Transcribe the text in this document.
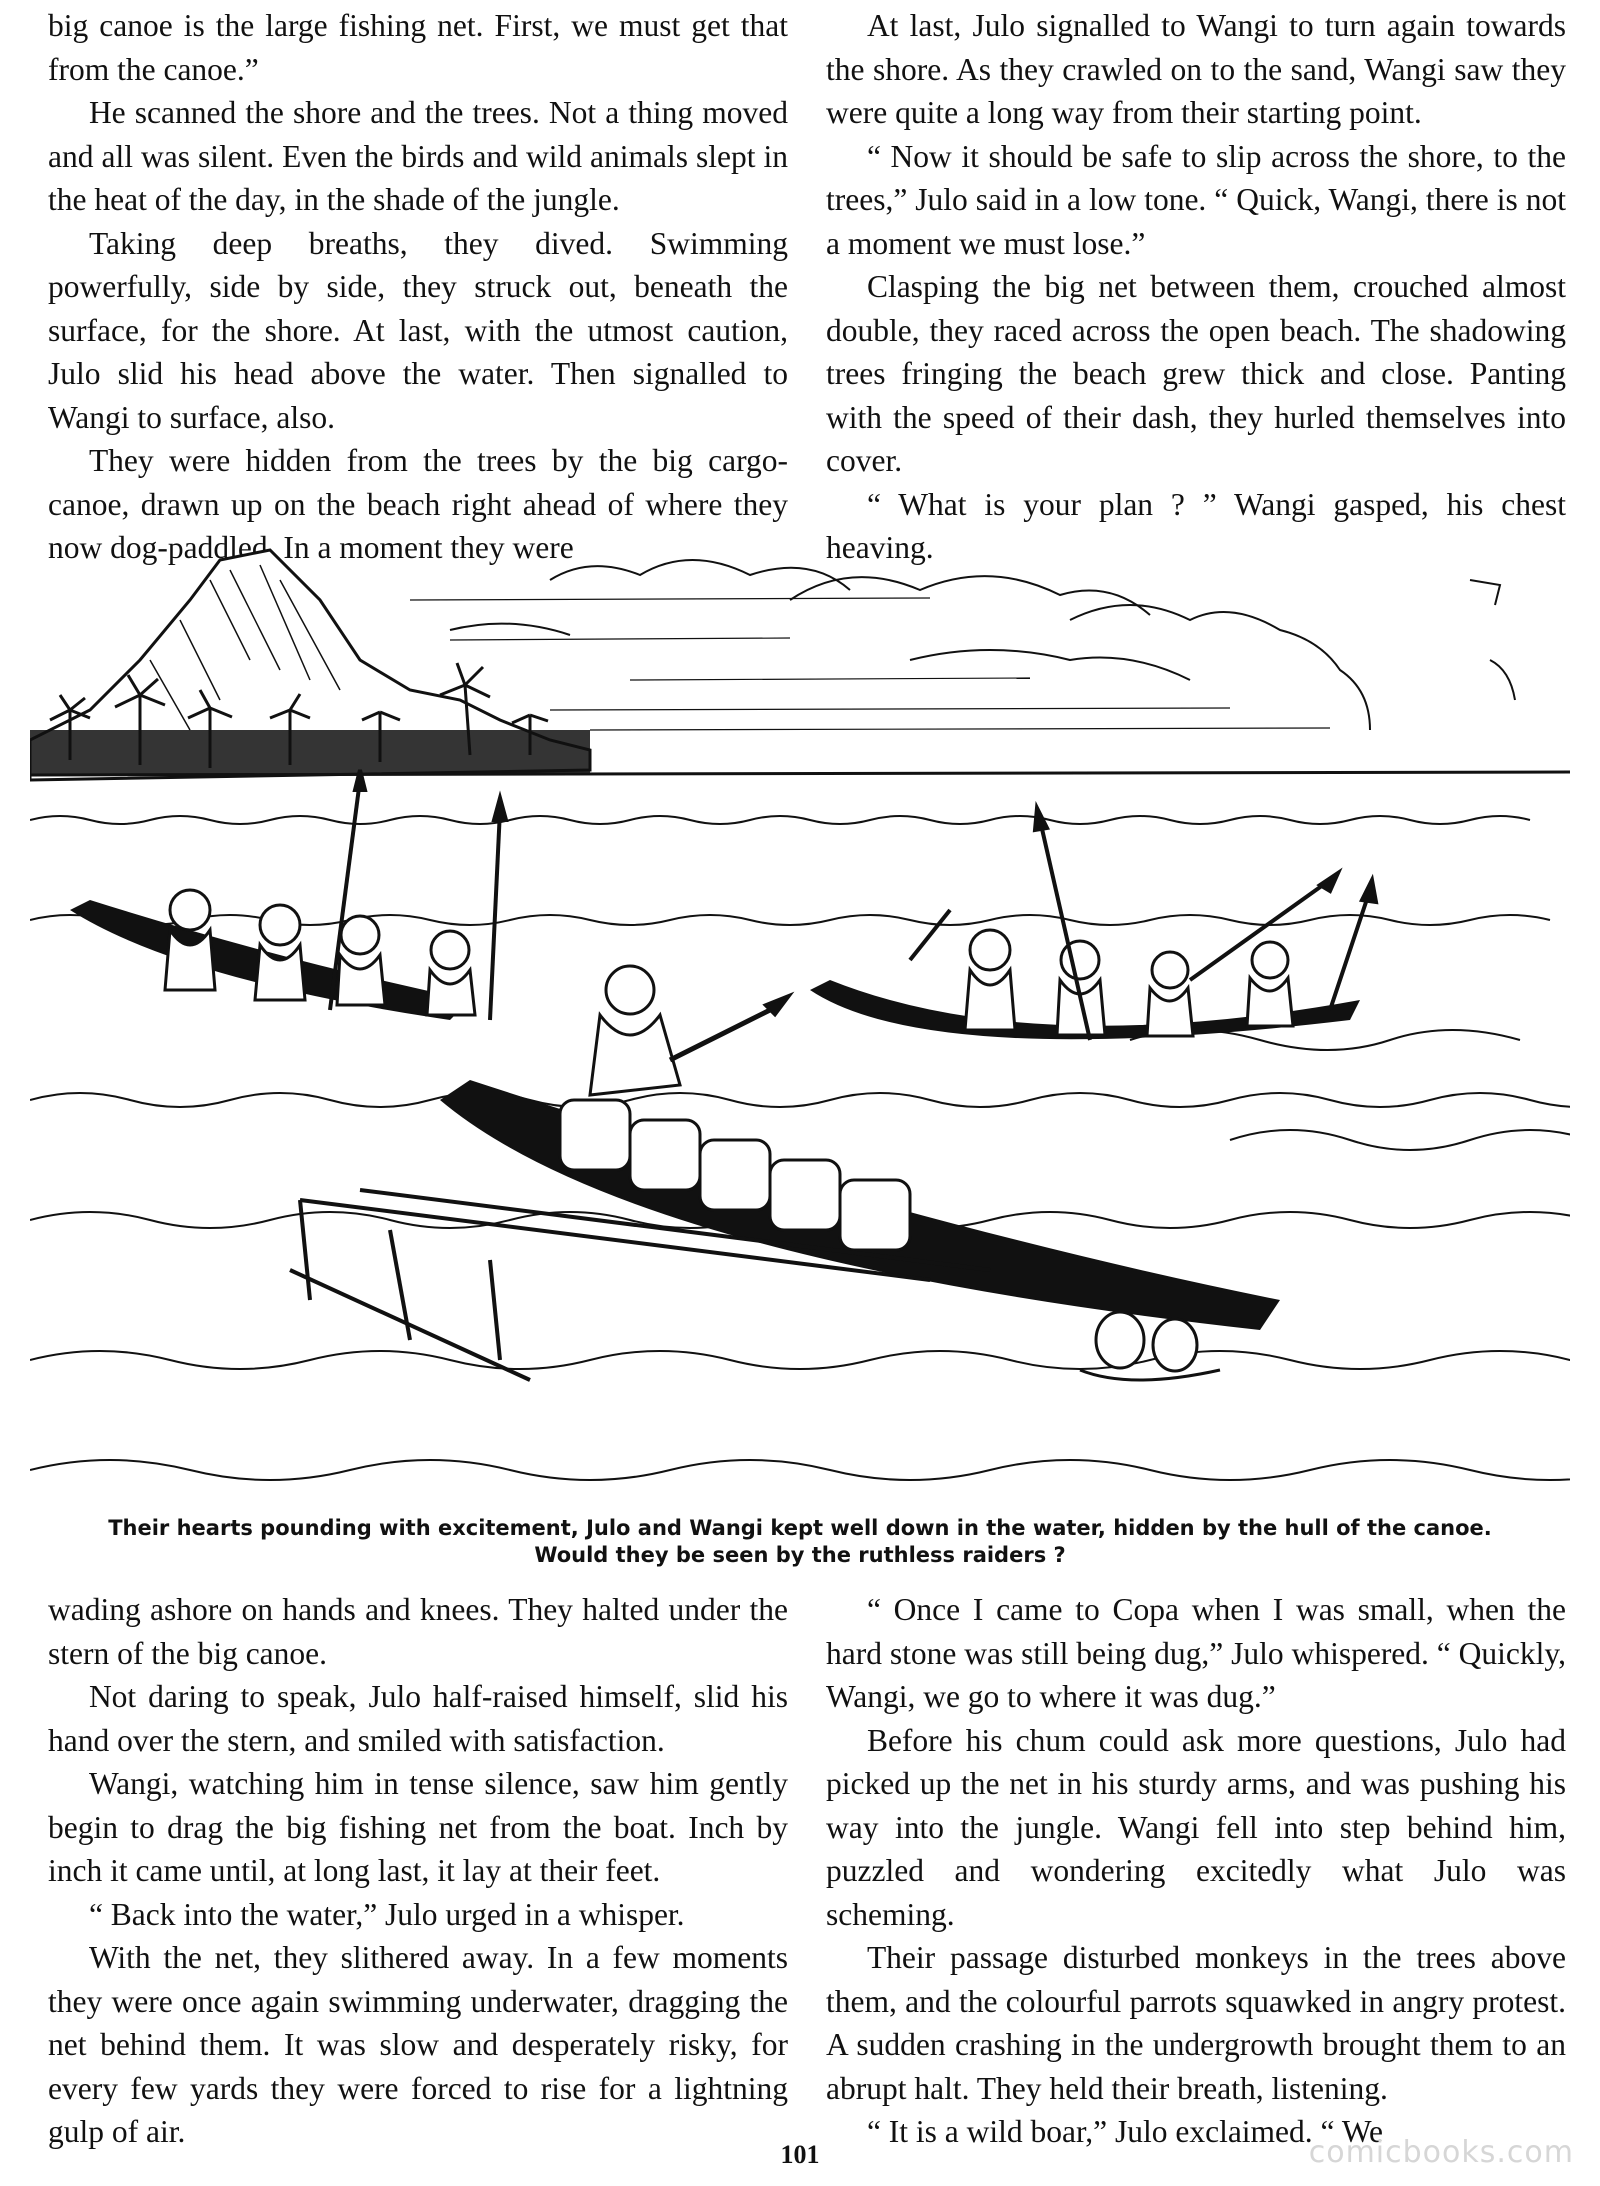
big canoe is the large fishing net. First, we must get that from the canoe.”

He scanned the shore and the trees. Not a thing moved and all was silent. Even the birds and wild animals slept in the heat of the day, in the shade of the jungle.

Taking deep breaths, they dived. Swimming powerfully, side by side, they struck out, beneath the surface, for the shore. At last, with the utmost caution, Julo slid his head above the water. Then signalled to Wangi to surface, also.

They were hidden from the trees by the big cargo-canoe, drawn up on the beach right ahead of where they now dog-paddled. In a moment they were

At last, Julo signalled to Wangi to turn again towards the shore. As they crawled on to the sand, Wangi saw they were quite a long way from their starting point.

“ Now it should be safe to slip across the shore, to the trees,” Julo said in a low tone. “ Quick, Wangi, there is not a moment we must lose.”

Clasping the big net between them, crouched almost double, they raced across the open beach. The shadowing trees fringing the beach grew thick and close. Panting with the speed of their dash, they hurled themselves into cover.

“ What is your plan ? ” Wangi gasped, his chest heaving.

Their hearts pounding with excitement, Julo and Wangi kept well down in the water, hidden by the hull of the canoe. Would they be seen by the ruthless raiders ?

wading ashore on hands and knees. They halted under the stern of the big canoe.

Not daring to speak, Julo half-raised himself, slid his hand over the stern, and smiled with satisfaction.

Wangi, watching him in tense silence, saw him gently begin to drag the big fishing net from the boat. Inch by inch it came until, at long last, it lay at their feet.

“ Back into the water,” Julo urged in a whisper.

With the net, they slithered away. In a few moments they were once again swimming underwater, dragging the net behind them. It was slow and desperately risky, for every few yards they were forced to rise for a lightning gulp of air.

“ Once I came to Copa when I was small, when the hard stone was still being dug,” Julo whispered. “ Quickly, Wangi, we go to where it was dug.”

Before his chum could ask more questions, Julo had picked up the net in his sturdy arms, and was pushing his way into the jungle. Wangi fell into step behind him, puzzled and wondering excitedly what Julo was scheming.

Their passage disturbed monkeys in the trees above them, and the colourful parrots squawked in angry protest. A sudden crashing in the undergrowth brought them to an abrupt halt. They held their breath, listening.

“ It is a wild boar,” Julo exclaimed. “ We

101	comicbooks.com
